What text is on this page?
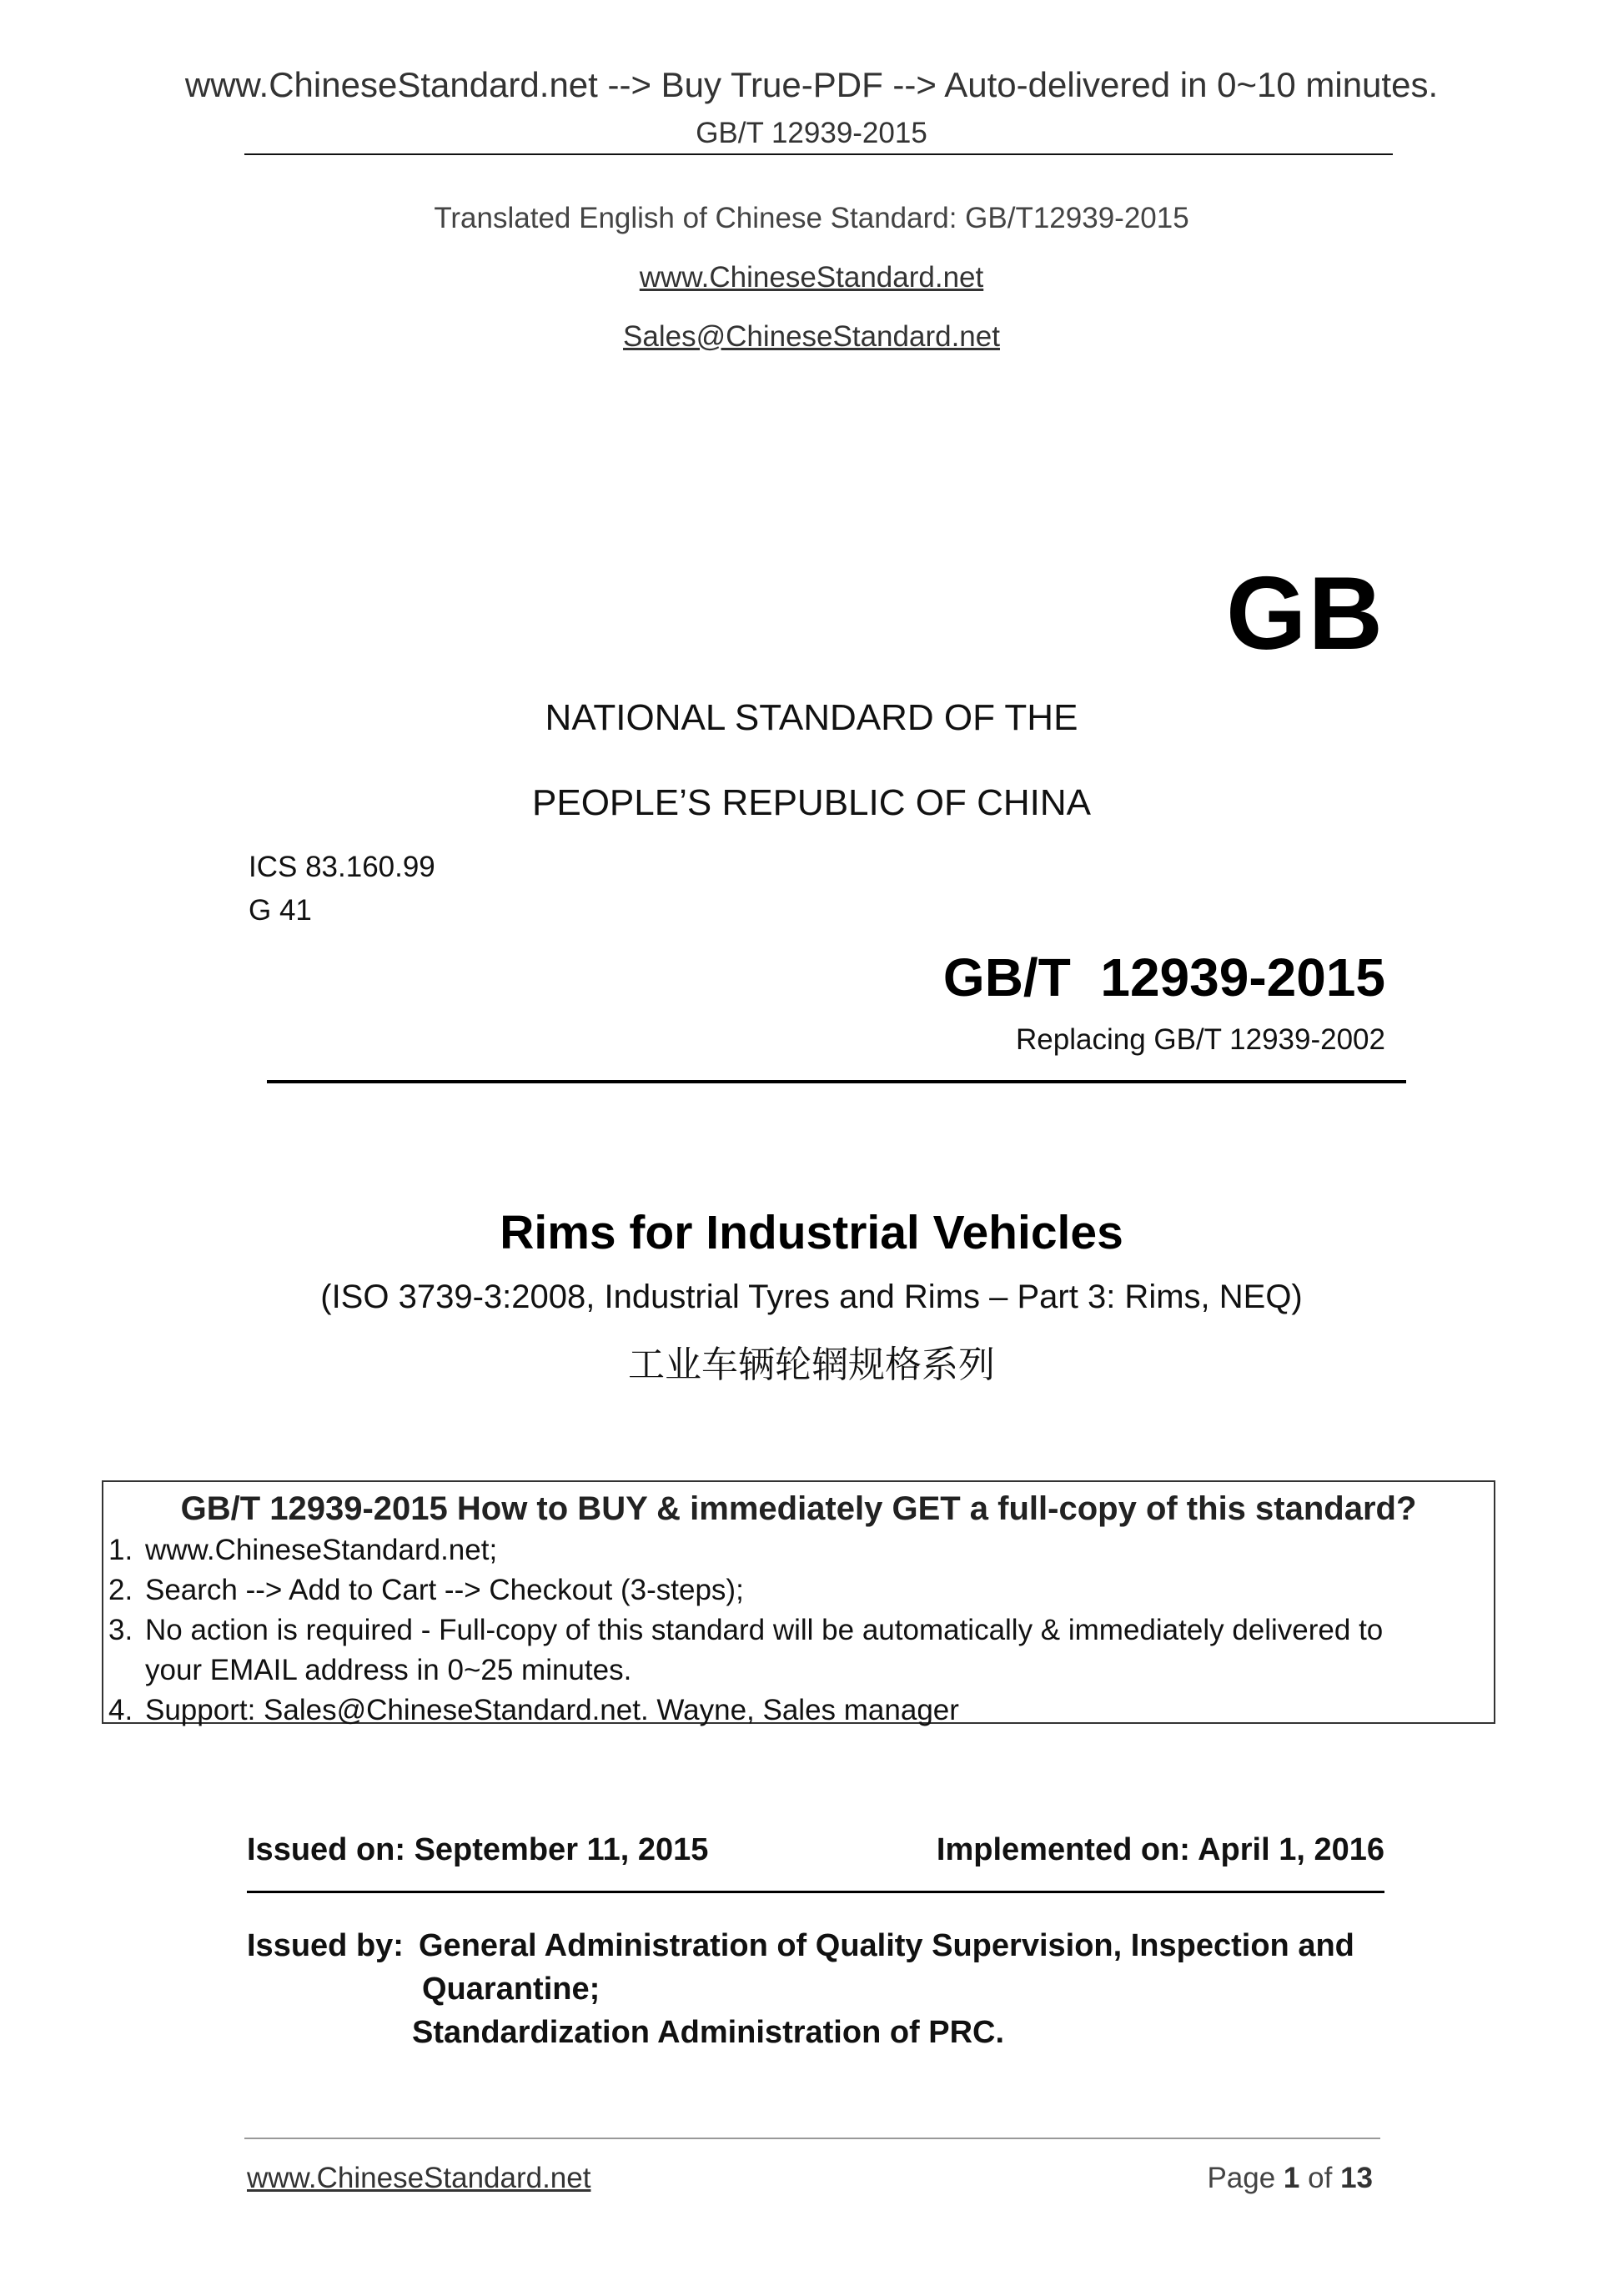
www.ChineseStandard.net --> Buy True-PDF --> Auto-delivered in 0~10 minutes.
GB/T 12939-2015
Translated English of Chinese Standard: GB/T12939-2015
www.ChineseStandard.net
Sales@ChineseStandard.net
GB
NATIONAL STANDARD OF THE
PEOPLE’S REPUBLIC OF CHINA
ICS 83.160.99
G 41
GB/T  12939-2015
Replacing GB/T 12939-2002
Rims for Industrial Vehicles
(ISO 3739-3:2008, Industrial Tyres and Rims – Part 3: Rims, NEQ)
工业车辆轮辋规格系列
GB/T 12939-2015 How to BUY & immediately GET a full-copy of this standard?
1. www.ChineseStandard.net;
2. Search --> Add to Cart --> Checkout (3-steps);
3. No action is required - Full-copy of this standard will be automatically & immediately delivered to
your EMAIL address in 0~25 minutes.
4. Support: Sales@ChineseStandard.net. Wayne, Sales manager
Issued on: September 11, 2015	Implemented on: April 1, 2016
Issued by: General Administration of Quality Supervision, Inspection and
Quarantine;
Standardization Administration of PRC.
www.ChineseStandard.net	Page 1 of 13
